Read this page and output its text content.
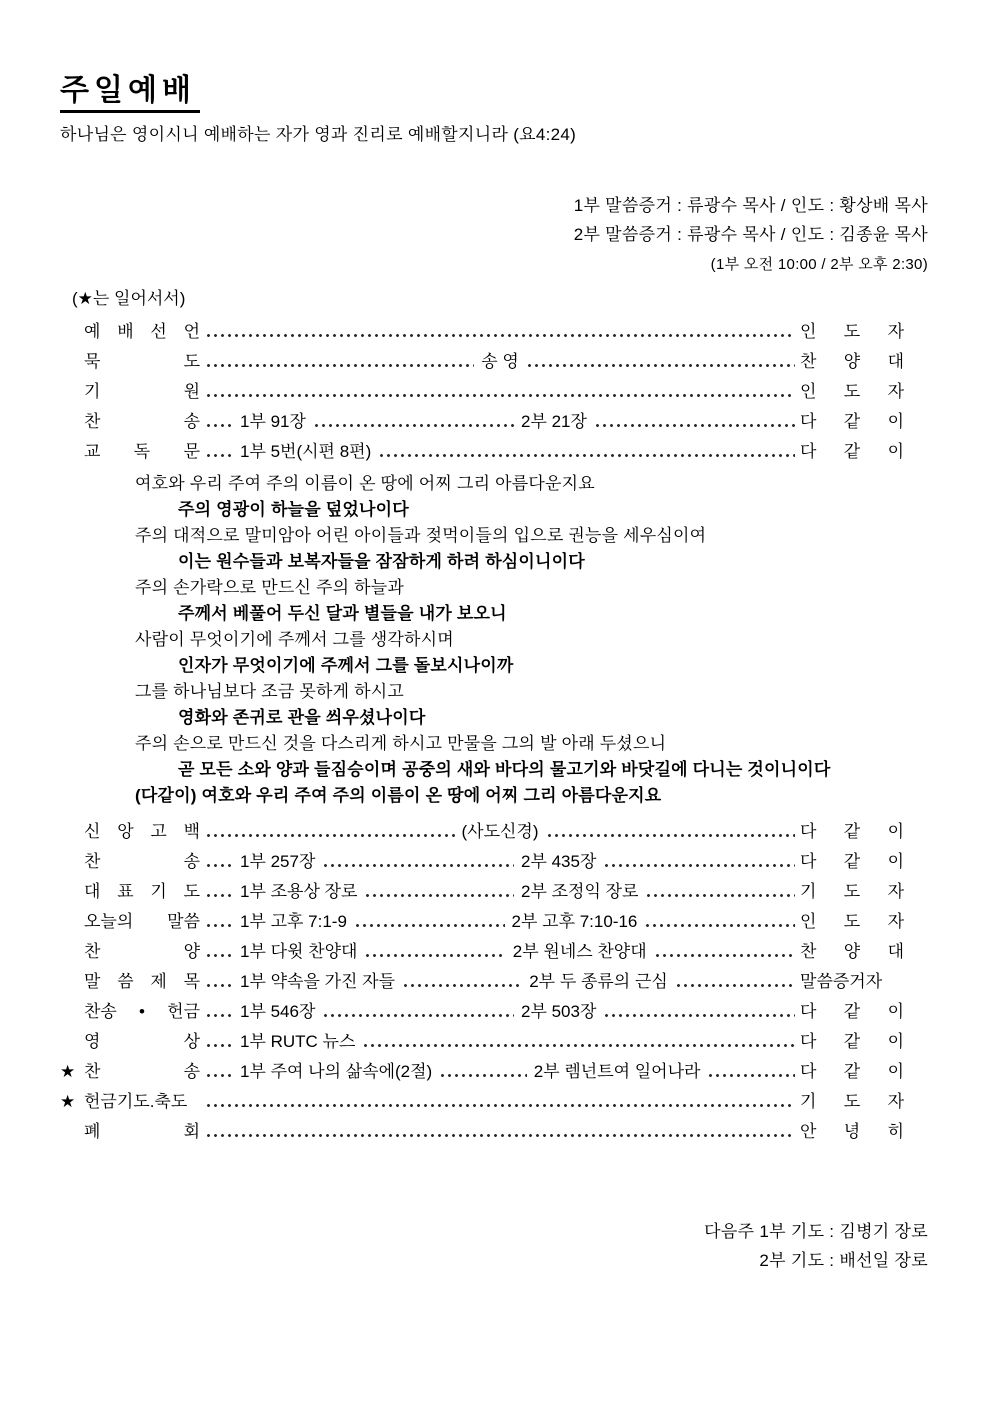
주일예배
하나님은 영이시니 예배하는 자가 영과 진리로 예배할지니라 (요4:24)
1부 말씀증거 : 류광수 목사 / 인도 : 황상배 목사
2부 말씀증거 : 류광수 목사 / 인도 : 김종윤 목사
(1부 오전 10:00 / 2부 오후 2:30)
(★는 일어서서)
예 배 선 언	인 도 자
묵 도	송 영	찬 양 대
기 원	인 도 자
찬 송 1부 91장	2부 21장	다 같 이
교 독 문 1부 5번(시편 8편)	다 같 이
여호와 우리 주여 주의 이름이 온 땅에 어찌 그리 아름다운지요
주의 영광이 하늘을 덮었나이다
주의 대적으로 말미암아 어린 아이들과 젖먹이들의 입으로 권능을 세우심이여
이는 원수들과 보복자들을 잠잠하게 하려 하심이니이다
주의 손가락으로 만드신 주의 하늘과
주께서 베풀어 두신 달과 별들을 내가 보오니
사람이 무엇이기에 주께서 그를 생각하시며
인자가 무엇이기에 주께서 그를 돌보시나이까
그를 하나님보다 조금 못하게 하시고
영화와 존귀로 관을 씌우셨나이다
주의 손으로 만드신 것을 다스리게 하시고 만물을 그의 발 아래 두셨으니
곧 모든 소와 양과 들짐승이며 공중의 새와 바다의 물고기와 바닷길에 다니는 것이니이다
(다같이) 여호와 우리 주여 주의 이름이 온 땅에 어찌 그리 아름다운지요
신 앙 고 백	(사도신경)	다 같 이
찬 송 1부 257장	2부 435장	다 같 이
대 표 기 도 1부 조용상 장로	2부 조정익 장로	기 도 자
오늘의 말씀 1부 고후 7:1-9	2부 고후 7:10-16	인 도 자
찬 양 1부 다윗 찬양대	2부 원네스 찬양대	찬 양 대
말 씀 제 목 1부 약속을 가진 자들	2부 두 종류의 근심	말씀증거자
찬송 • 헌금 1부 546장	2부 503장	다 같 이
영 상 1부 RUTC 뉴스	다 같 이
★ 찬 송 1부 주여 나의 삶속에(2절)	2부 렘넌트여 일어나라	다 같 이
★ 헌금기도.축도	기 도 자
폐 회	안 녕 히
다음주 1부 기도 : 김병기 장로
2부 기도 : 배선일 장로
